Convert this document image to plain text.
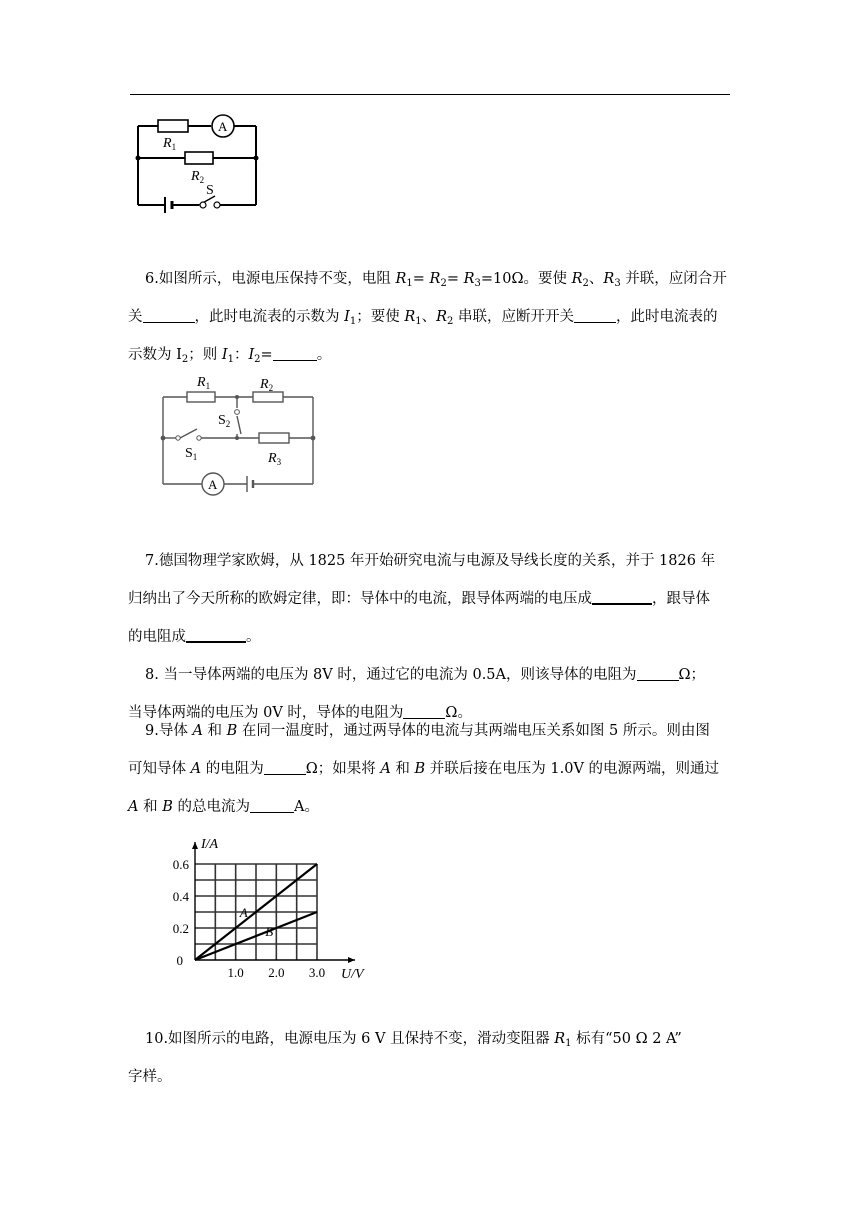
A
$R_1$
$R_2$
S
6.如图所示，电源电压保持不变，电阻 $R_1= R_2= R_3=10\Omega$。要使 $R_2$、$R_3$ 并联，应闭合开
关	，此时电流表的示数为 $I_1$；要使 $R_1$、$R_2$ 串联，应断开开关	，此时电流表的
示数为 $I_2$；则 $I_1$：$I_2=$	。
$R_1$	$R_2$
$S_2$
$S_1$	$R_3$
A
7.德国物理学家欧姆，从 1825 年开始研究电流与电源及导线长度的关系，并于 1826 年
归纳出了今天所称的欧姆定律，即：导体中的电流，跟导体两端的电压成	，跟导体
的电阻成	。
8. 当一导体两端的电压为 8V 时，通过它的电流为 0.5A，则该导体的电阻为	Ω；
当导体两端的电压为 0V 时，导体的电阻为	Ω。
9.导体 A 和 B 在同一温度时，通过两导体的电流与其两端电压关系如图 5 所示。则由图
可知导体 A 的电阻为	Ω；如果将 A 和 B 并联后接在电压为 1.0V 的电源两端，则通过
A 和 B 的总电流为	A。
A
B
0.6
0.4
0.2
1.0 2.0 3.0
0
U/V
I/A
10.如图所示的电路，电源电压为 6 V 且保持不变，滑动变阻器 $R_1$ 标有“50 Ω 2 A”
字样。
